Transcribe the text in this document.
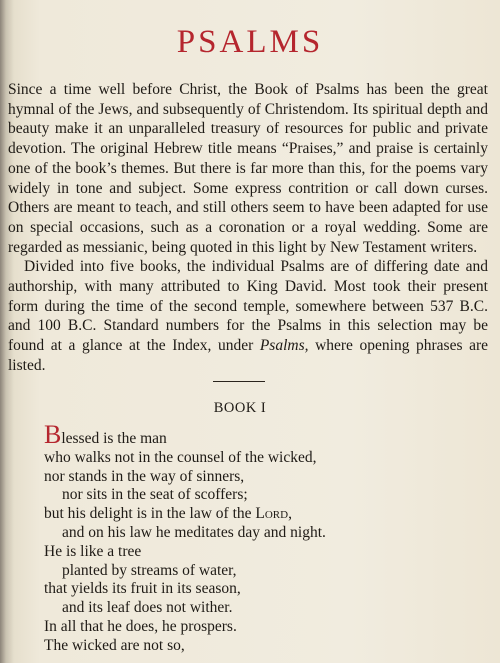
PSALMS

Since a time well before Christ, the Book of Psalms has been the great hymnal of the Jews, and subsequently of Christendom. Its spiritual depth and beauty make it an unparalleled treasury of resources for public and private devotion. The original Hebrew title means “Praises,” and praise is certainly one of the book’s themes. But there is far more than this, for the poems vary widely in tone and subject. Some express contrition or call down curses. Others are meant to teach, and still others seem to have been adapted for use on special occasions, such as a coronation or a royal wedding. Some are regarded as messianic, being quoted in this light by New Testament writers.

Divided into five books, the individual Psalms are of differing date and authorship, with many attributed to King David. Most took their present form during the time of the second temple, somewhere between 537 B.C. and 100 B.C. Standard numbers for the Psalms in this selection may be found at a glance at the Index, under Psalms, where opening phrases are listed.

BOOK I
Blessed is the man
who walks not in the counsel of the wicked,
nor stands in the way of sinners,
nor sits in the seat of scoffers;
but his delight is in the law of the Lord,
and on his law he meditates day and night.
He is like a tree
planted by streams of water,
that yields its fruit in its season,
and its leaf does not wither.
In all that he does, he prospers.
The wicked are not so,
